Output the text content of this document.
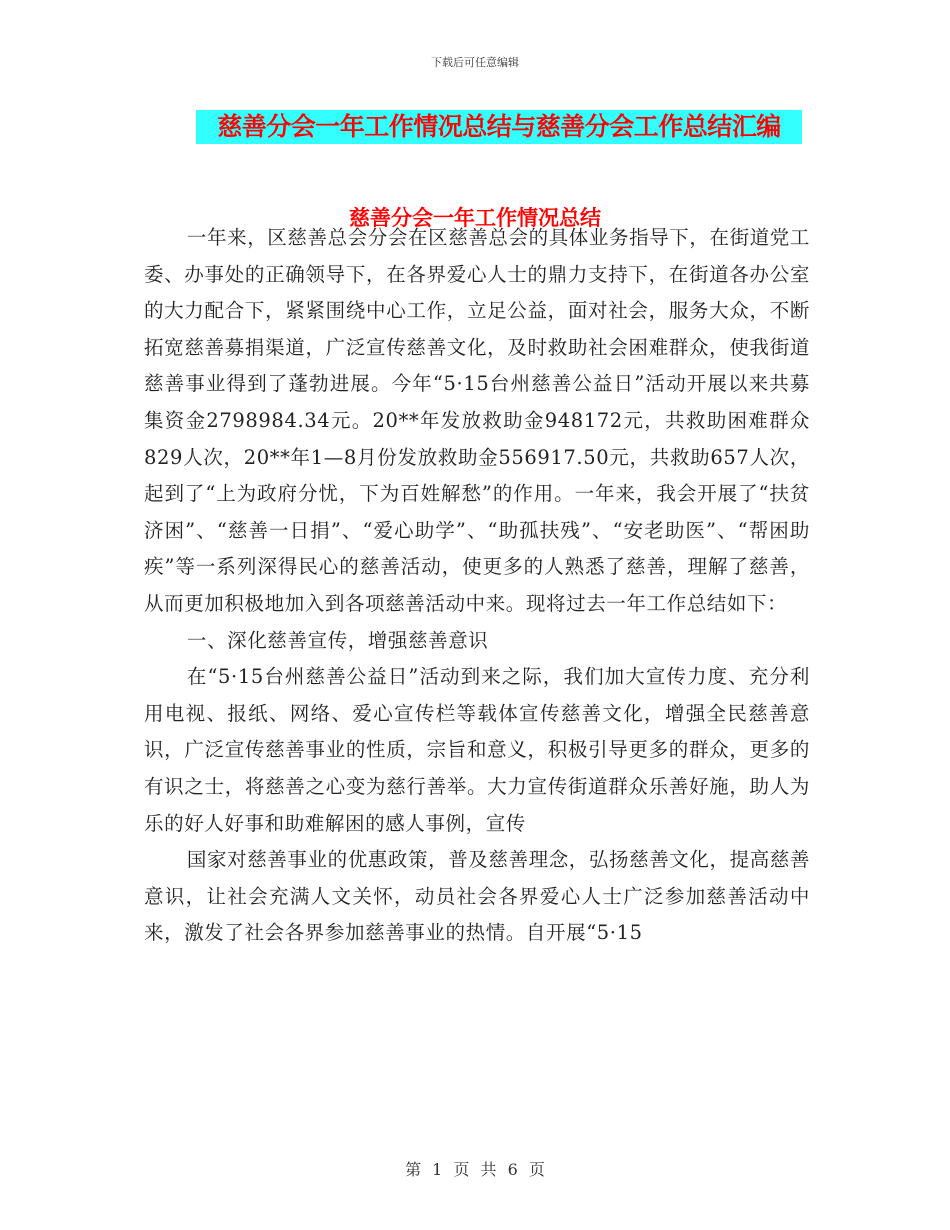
下载后可任意编辑
慈善分会一年工作情况总结与慈善分会工作总结汇编
慈善分会一年工作情况总结

一年来，区慈善总会分会在区慈善总会的具体业务指导下，在街道党工委、办事处的正确领导下，在各界爱心人士的鼎力支持下，在街道各办公室的大力配合下，紧紧围绕中心工作，立足公益，面对社会，服务大众，不断拓宽慈善募捐渠道，广泛宣传慈善文化，及时救助社会困难群众，使我街道慈善事业得到了蓬勃进展。今年“5·15台州慈善公益日”活动开展以来共募集资金2798984.34元。20**年发放救助金948172元，共救助困难群众829人次，20**年1—8月份发放救助金556917.50元，共救助657人次，起到了“上为政府分忧，下为百姓解愁”的作用。一年来，我会开展了“扶贫济困”、“慈善一日捐”、“爱心助学”、“助孤扶残”、“安老助医”、“帮困助疾”等一系列深得民心的慈善活动，使更多的人熟悉了慈善，理解了慈善，从而更加积极地加入到各项慈善活动中来。现将过去一年工作总结如下：

一、深化慈善宣传，增强慈善意识

在“5·15台州慈善公益日”活动到来之际，我们加大宣传力度、充分利用电视、报纸、网络、爱心宣传栏等载体宣传慈善文化，增强全民慈善意识，广泛宣传慈善事业的性质，宗旨和意义，积极引导更多的群众，更多的有识之士，将慈善之心变为慈行善举。大力宣传街道群众乐善好施，助人为乐的好人好事和助难解困的感人事例，宣传

国家对慈善事业的优惠政策，普及慈善理念，弘扬慈善文化，提高慈善意识，让社会充满人文关怀，动员社会各界爱心人士广泛参加慈善活动中来，激发了社会各界参加慈善事业的热情。自开展“5·15

第 1 页 共 6 页
